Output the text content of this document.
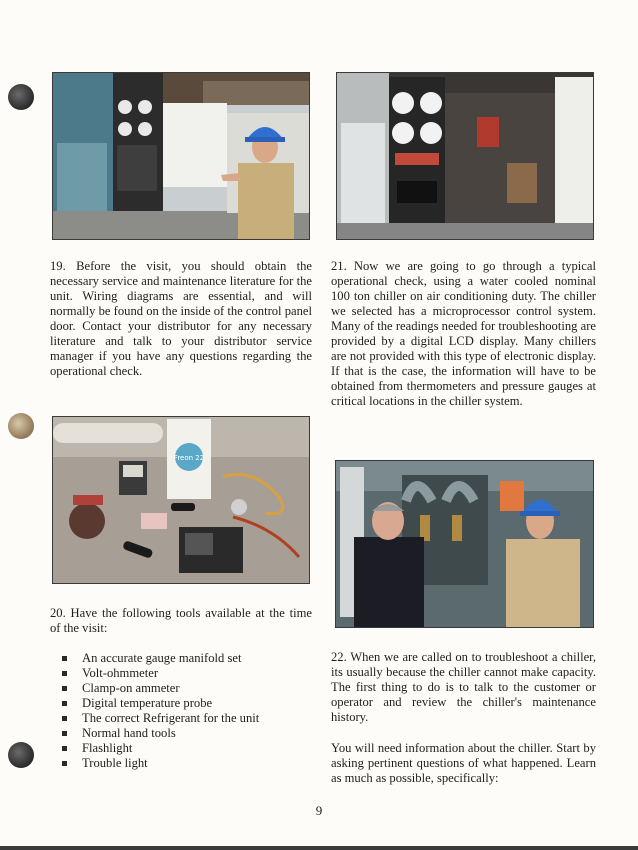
19. Before the visit, you should obtain the necessary service and maintenance literature for the unit. Wiring diagrams are essential, and will normally be found on the inside of the control panel door. Contact your distributor for any necessary literature and talk to your distributor service manager if you have any questions regarding the operational check.

21. Now we are going to go through a typical operational check, using a water cooled nominal 100 ton chiller on air conditioning duty. The chiller we selected has a microprocessor control system. Many of the readings needed for troubleshooting are provided by a digital LCD display. Many chillers are not provided with this type of electronic display. If that is the case, the information will have to be obtained from thermometers and pressure gauges at critical locations in the chiller system.

Freon 22

20. Have the following tools available at the time of the visit:

An accurate gauge manifold set
Volt-ohmmeter
Clamp-on ammeter
Digital temperature probe
The correct Refrigerant for the unit
Normal hand tools
Flashlight
Trouble light

22. When we are called on to troubleshoot a chiller, its usually because the chiller cannot make capacity. The first thing to do is to talk to the customer or operator and review the chiller's maintenance history.

You will need information about the chiller. Start by asking pertinent questions of what happened. Learn as much as possible, specifically:

9
